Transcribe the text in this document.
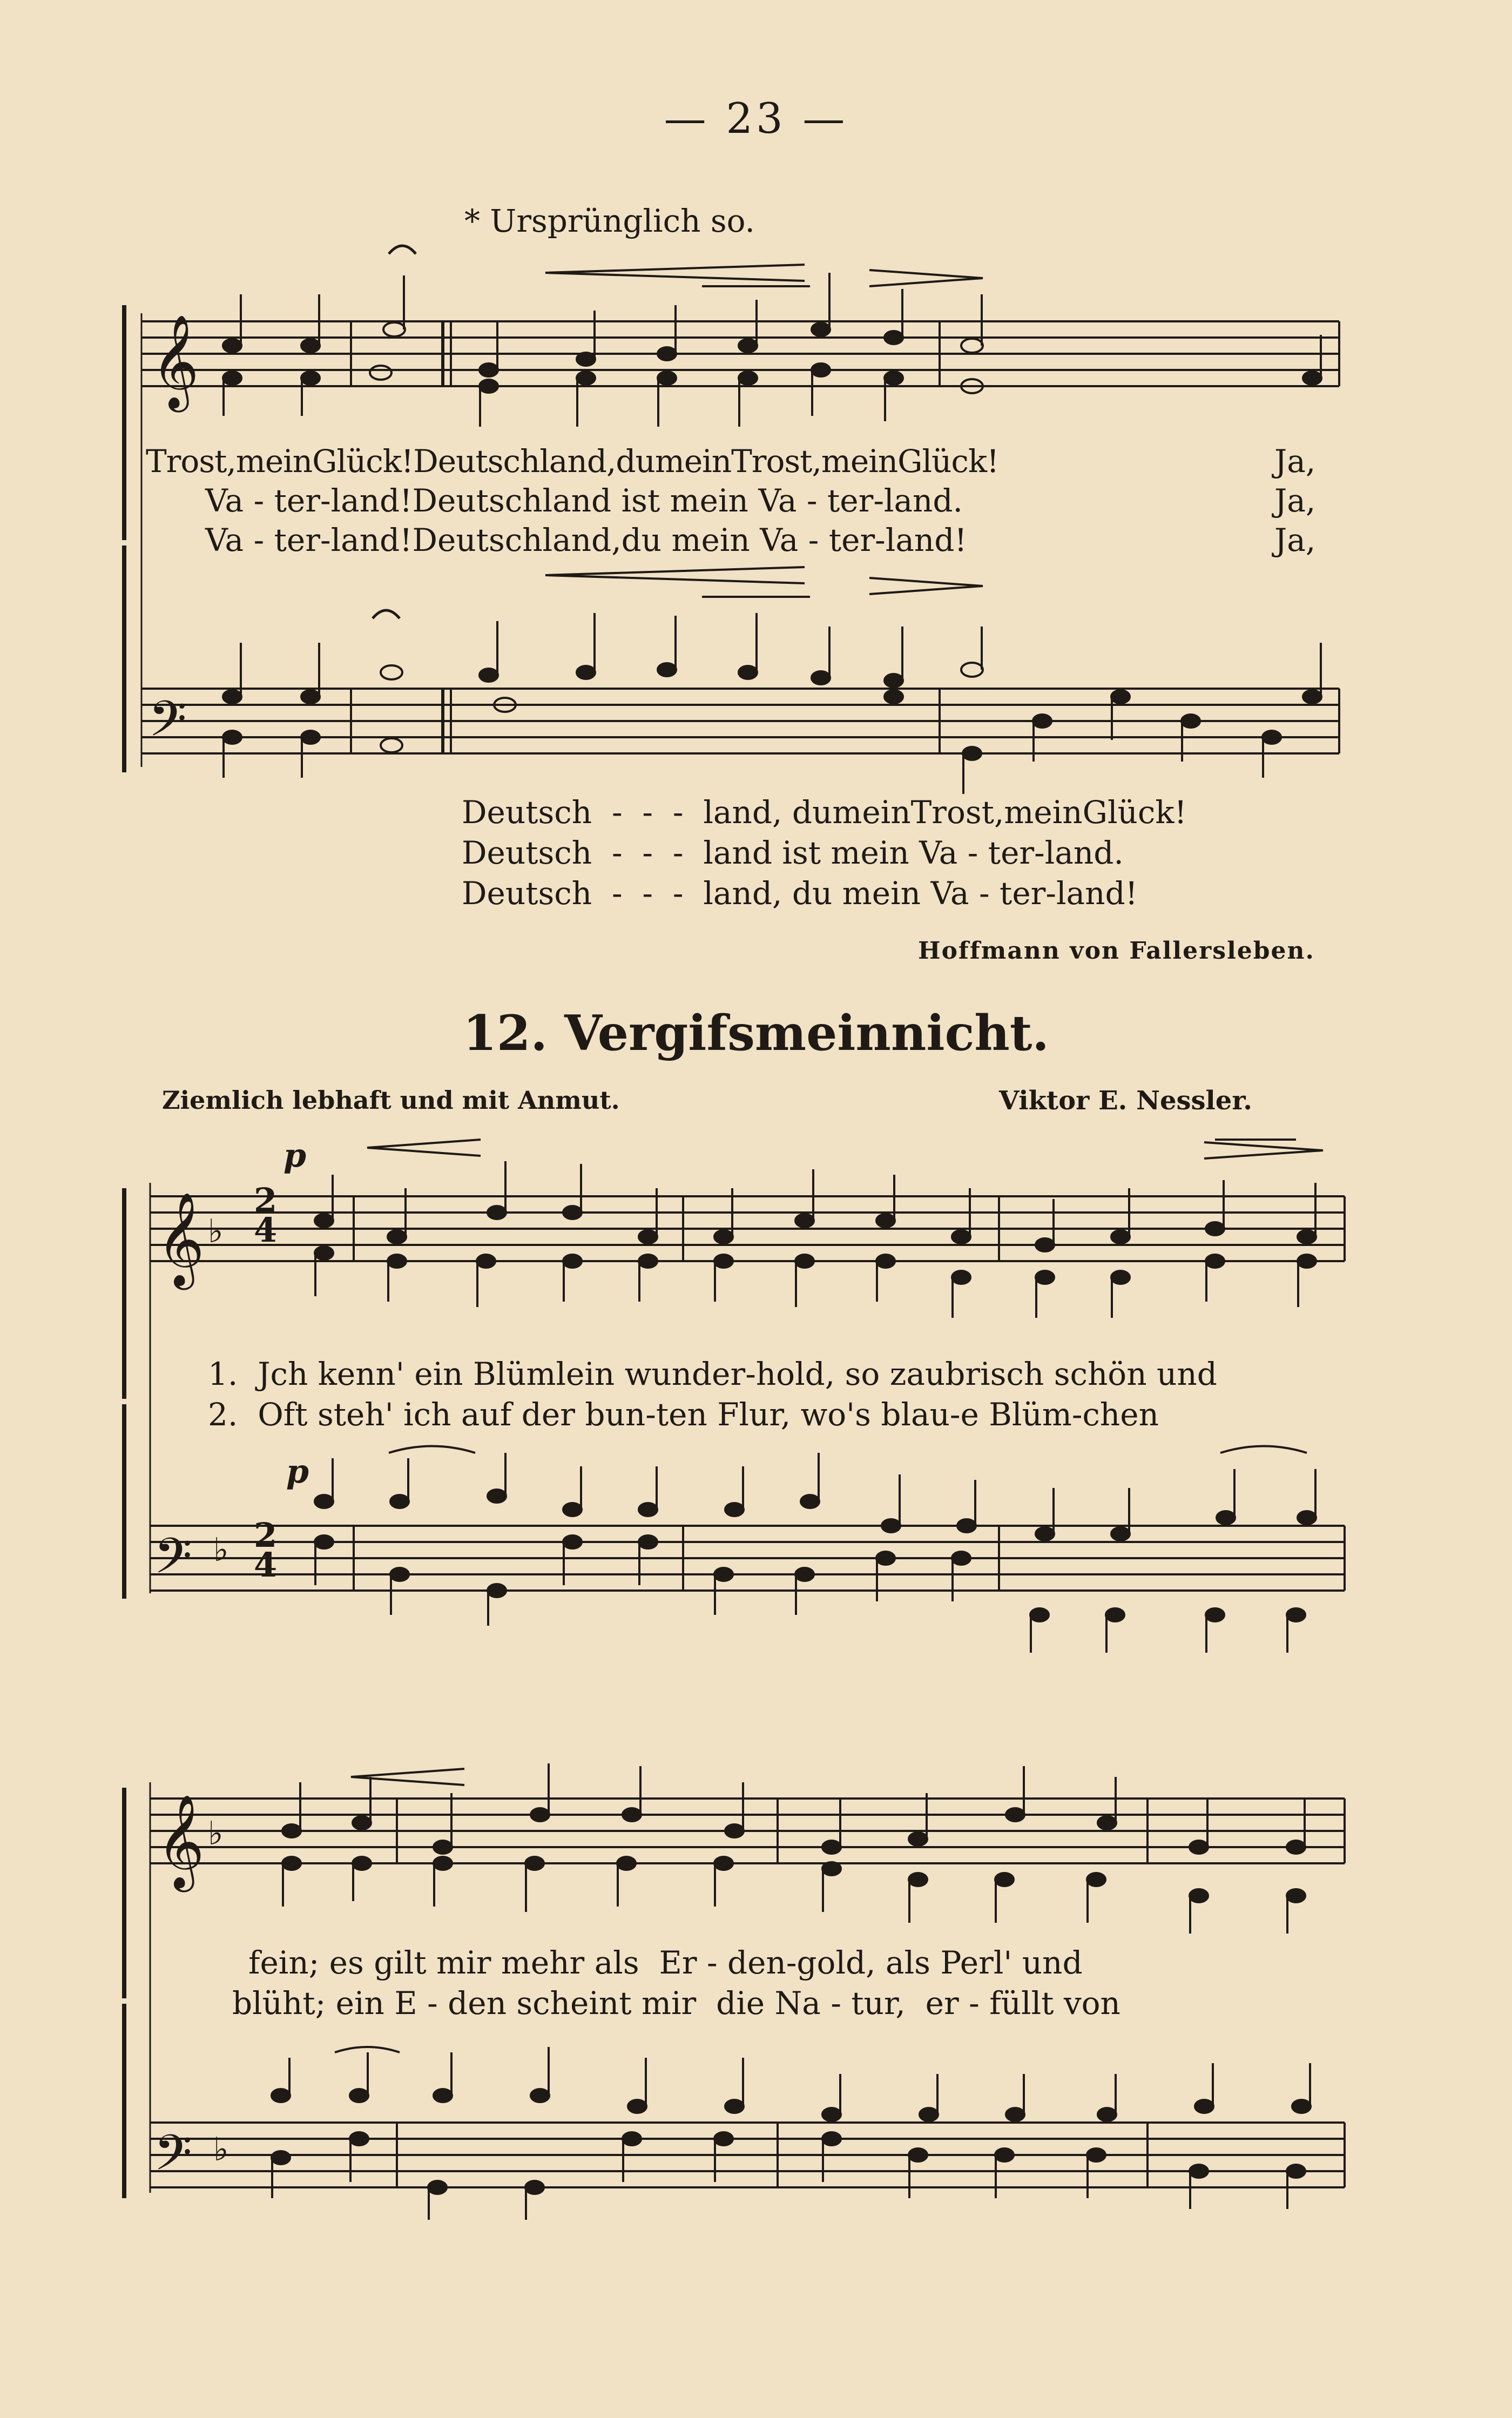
— 23 —
* Ursprünglich so.
𝄞
𝄢
𝄞 ♭
𝄢 ♭
𝄞 ♭
𝄢 ♭
Trost,meinGlück!Deutschland,dumeinTrost,meinGlück!
Va - ter-land!Deutschland ist mein Va - ter-land.
Va - ter-land!Deutschland,du mein Va - ter-land!
Ja,
Ja,
Ja,
Deutsch  -  -  -  land, dumeinTrost,meinGlück!
Deutsch  -  -  -  land ist mein Va - ter-land.
Deutsch  -  -  -  land, du mein Va - ter-land!
Hoffmann von Fallersleben.
12. Vergifsmeinnicht.
Ziemlich lebhaft und mit Anmut.	Viktor E. Nessler.
p
p
2
4
2
4
1.  Jch kenn' ein Blümlein wunder-hold, so zaubrisch schön und
2.  Oft steh' ich auf der bun-ten Flur, wo's blau-e Blüm-chen
fein; es gilt mir mehr als  Er - den-gold, als Perl' und
blüht; ein E - den scheint mir  die Na - tur,  er - füllt von
